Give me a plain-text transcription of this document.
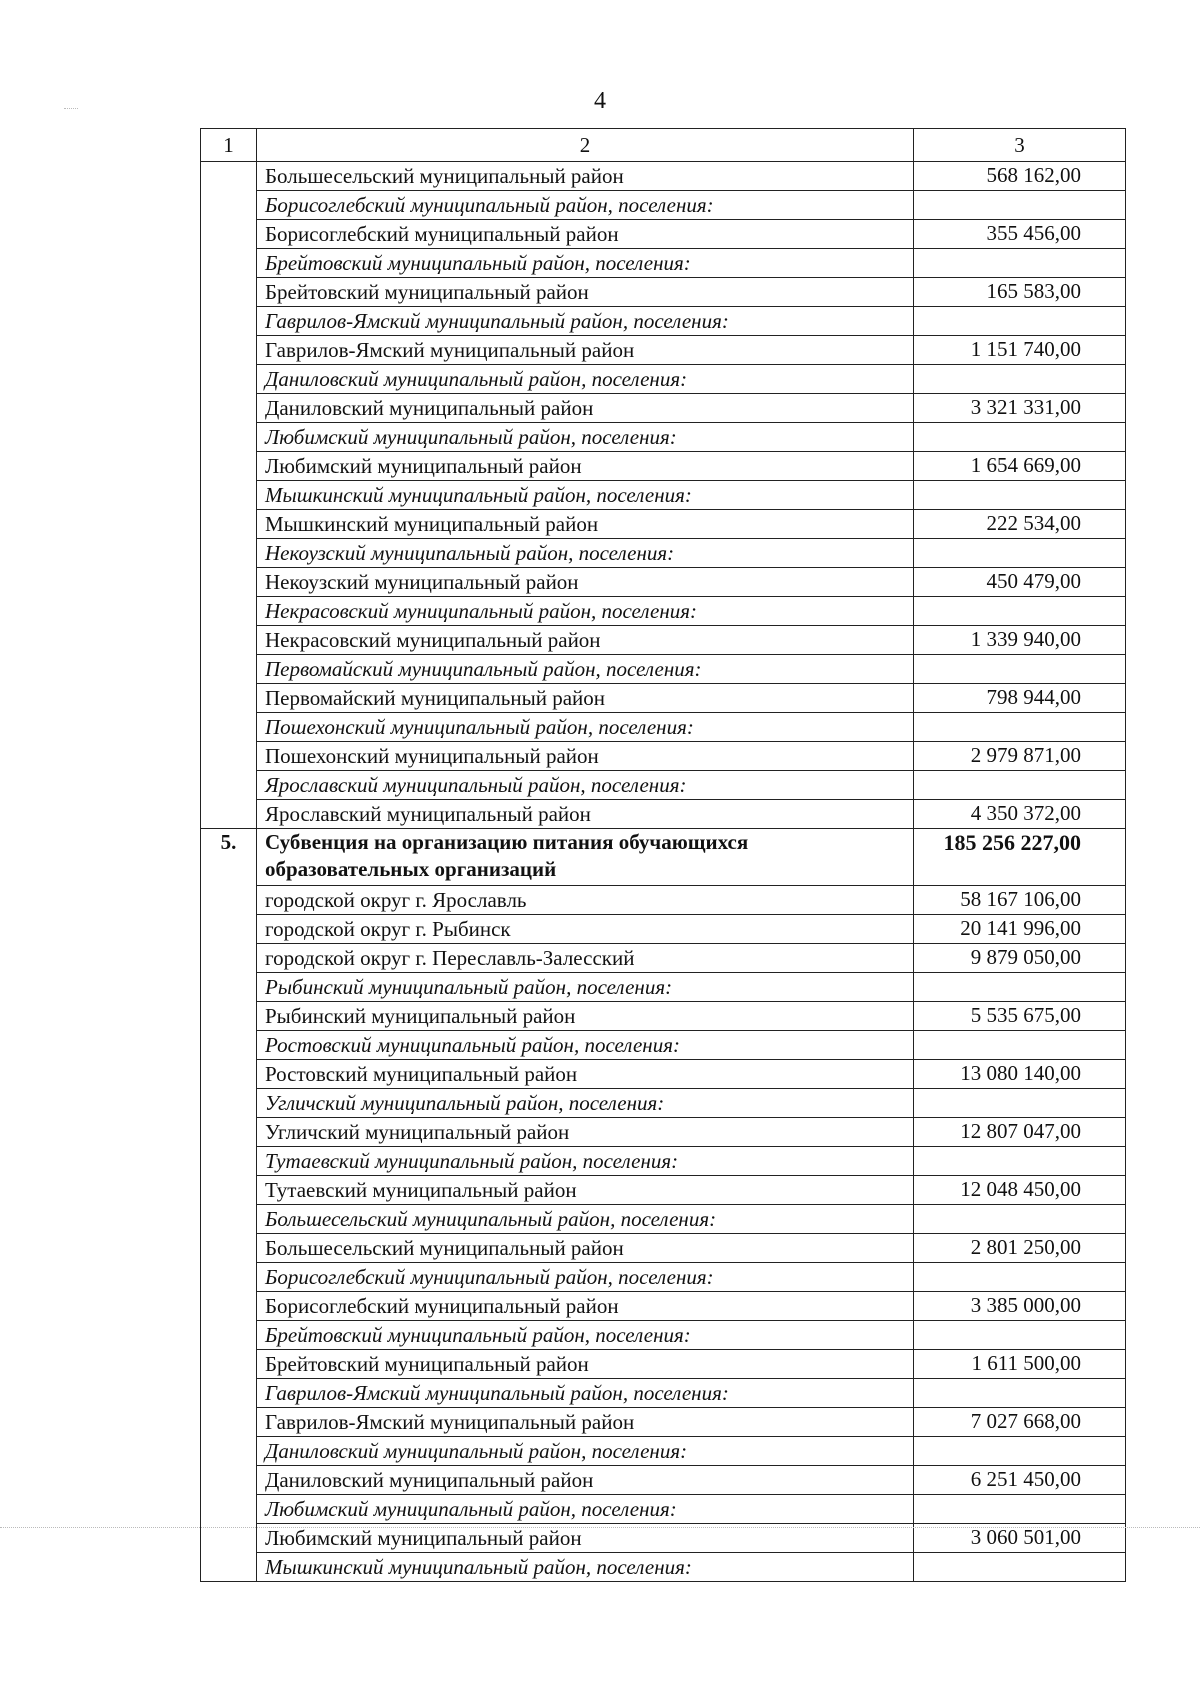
4
1	2	3
	Большесельский муниципальный район	568 162,00
	Борисоглебский муниципальный район, поселения:	
	Борисоглебский муниципальный район	355 456,00
	Брейтовский муниципальный район, поселения:	
	Брейтовский муниципальный район	165 583,00
	Гаврилов-Ямский муниципальный район, поселения:	
	Гаврилов-Ямский муниципальный район	1 151 740,00
	Даниловский муниципальный район, поселения:	
	Даниловский муниципальный район	3 321 331,00
	Любимский муниципальный район, поселения:	
	Любимский муниципальный район	1 654 669,00
	Мышкинский муниципальный район, поселения:	
	Мышкинский муниципальный район	222 534,00
	Некоузский муниципальный район, поселения:	
	Некоузский муниципальный район	450 479,00
	Некрасовский муниципальный район, поселения:	
	Некрасовский муниципальный район	1 339 940,00
	Первомайский муниципальный район, поселения:	
	Первомайский муниципальный район	798 944,00
	Пошехонский муниципальный район, поселения:	
	Пошехонский муниципальный район	2 979 871,00
	Ярославский муниципальный район, поселения:	
	Ярославский муниципальный район	4 350 372,00
5.	Субвенция на организацию питания обучающихся образовательных организаций	185 256 227,00
	городской округ г. Ярославль	58 167 106,00
	городской округ г. Рыбинск	20 141 996,00
	городской округ г. Переславль-Залесский	9 879 050,00
	Рыбинский муниципальный район, поселения:	
	Рыбинский муниципальный район	5 535 675,00
	Ростовский муниципальный район, поселения:	
	Ростовский муниципальный район	13 080 140,00
	Угличский муниципальный район, поселения:	
	Угличский муниципальный район	12 807 047,00
	Тутаевский муниципальный район, поселения:	
	Тутаевский муниципальный район	12 048 450,00
	Большесельский муниципальный район, поселения:	
	Большесельский муниципальный район	2 801 250,00
	Борисоглебский муниципальный район, поселения:	
	Борисоглебский муниципальный район	3 385 000,00
	Брейтовский муниципальный район, поселения:	
	Брейтовский муниципальный район	1 611 500,00
	Гаврилов-Ямский муниципальный район, поселения:	
	Гаврилов-Ямский муниципальный район	7 027 668,00
	Даниловский муниципальный район, поселения:	
	Даниловский муниципальный район	6 251 450,00
	Любимский муниципальный район, поселения:	
	Любимский муниципальный район	3 060 501,00
	Мышкинский муниципальный район, поселения:	
